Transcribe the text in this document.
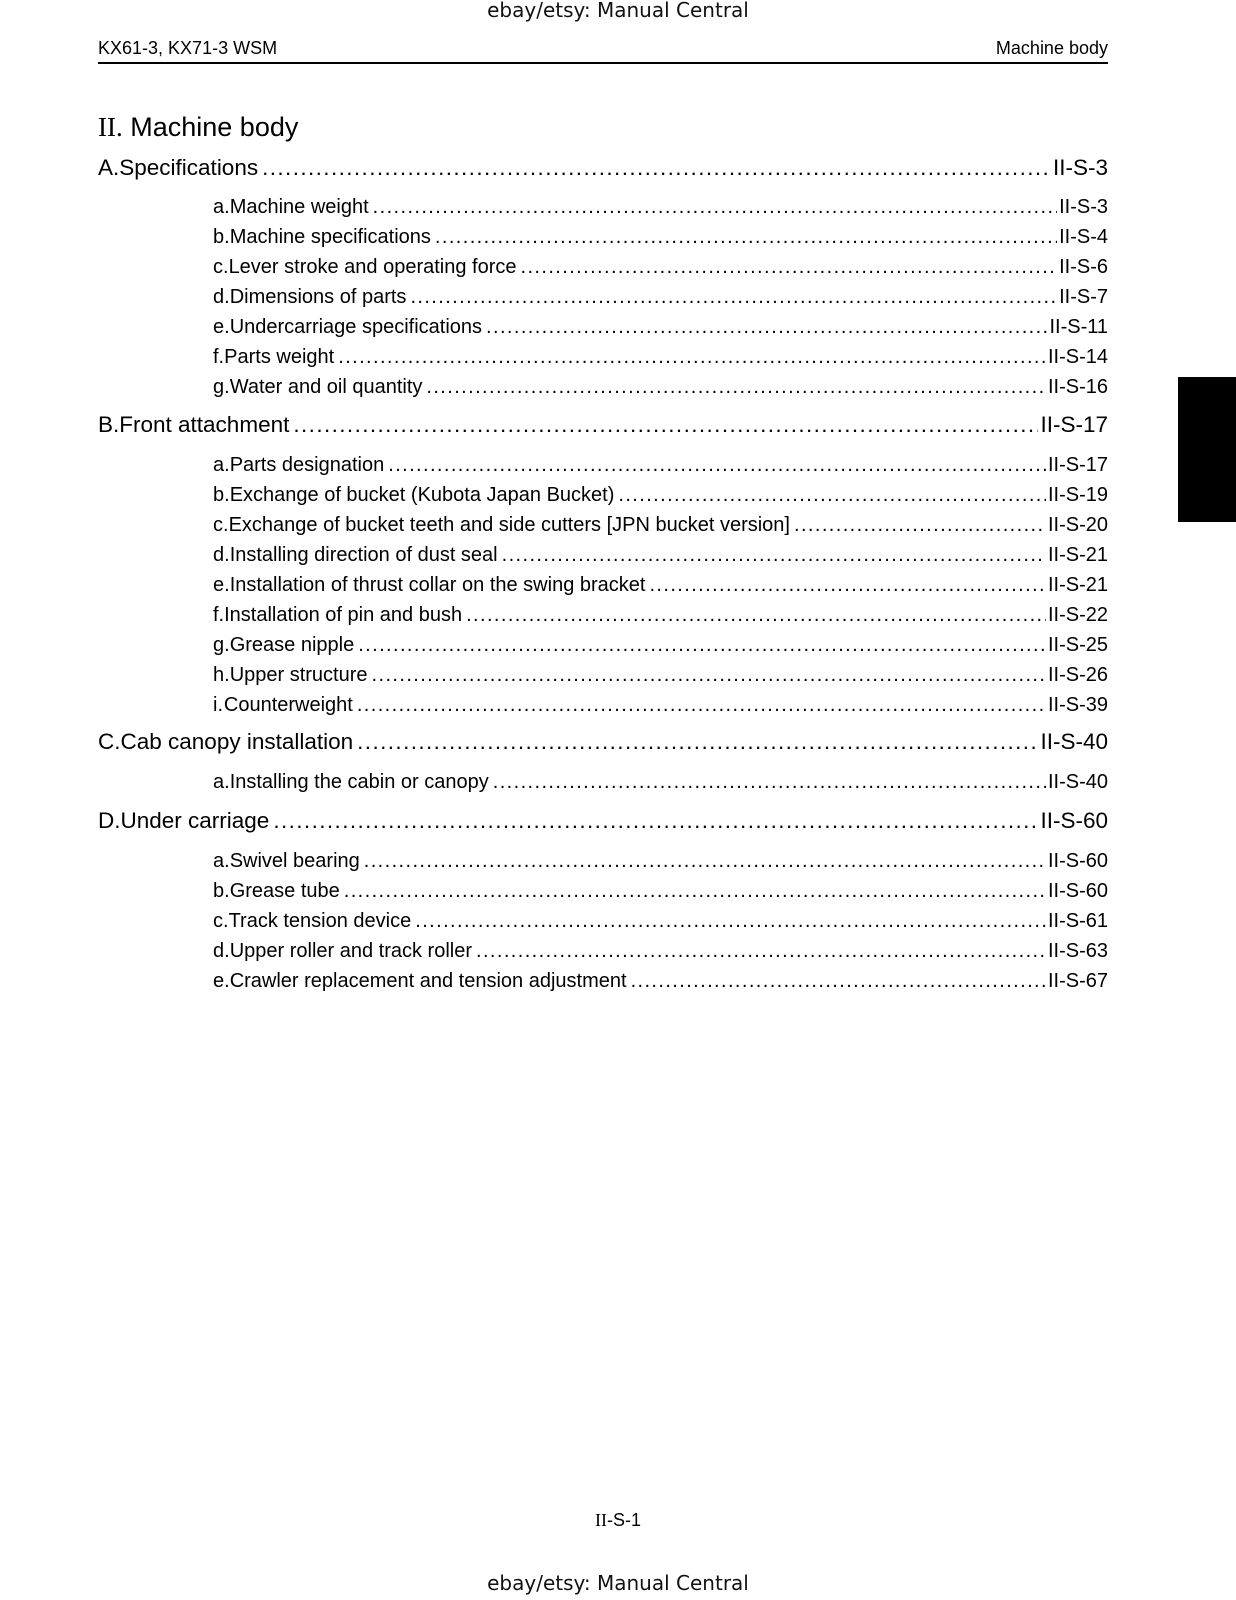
ebay/etsy: Manual Central
KX61-3, KX71-3 WSM	Machine body
II. Machine body
A. Specifications .....	II-S-3
a. Machine weight .....	II-S-3
b. Machine specifications .....	II-S-4
c. Lever stroke and operating force .....	II-S-6
d. Dimensions of parts .....	II-S-7
e. Undercarriage specifications .....	II-S-11
f. Parts weight .....	II-S-14
g. Water and oil quantity .....	II-S-16
B. Front attachment .....	II-S-17
a. Parts designation .....	II-S-17
b. Exchange of bucket (Kubota Japan Bucket) .....	II-S-19
c. Exchange of bucket teeth and side cutters [JPN bucket version] .....	II-S-20
d. Installing direction of dust seal .....	II-S-21
e. Installation of thrust collar on the swing bracket .....	II-S-21
f. Installation of pin and bush .....	II-S-22
g. Grease nipple .....	II-S-25
h. Upper structure .....	II-S-26
i. Counterweight .....	II-S-39
C. Cab canopy installation .....	II-S-40
a. Installing the cabin or canopy .....	II-S-40
D. Under carriage .....	II-S-60
a. Swivel bearing .....	II-S-60
b. Grease tube .....	II-S-60
c. Track tension device .....	II-S-61
d. Upper roller and track roller .....	II-S-63
e. Crawler replacement and tension adjustment .....	II-S-67
II-S-1
ebay/etsy: Manual Central
